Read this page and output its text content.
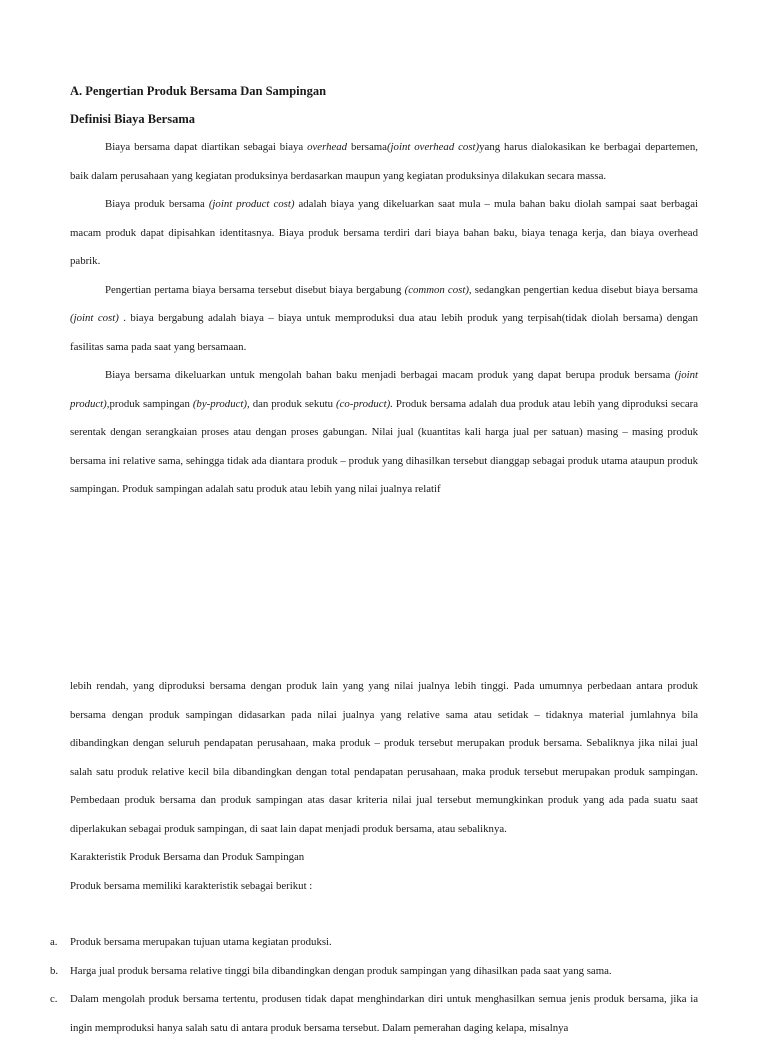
A. Pengertian Produk Bersama Dan Sampingan
Definisi Biaya Bersama

Biaya bersama dapat diartikan sebagai biaya overhead bersama(joint overhead cost)yang harus dialokasikan ke berbagai departemen, baik dalam perusahaan yang kegiatan produksinya berdasarkan maupun yang kegiatan produksinya dilakukan secara massa.

Biaya produk bersama (joint product cost) adalah biaya yang dikeluarkan saat mula – mula bahan baku diolah sampai saat berbagai macam produk dapat dipisahkan identitasnya. Biaya produk bersama terdiri dari biaya bahan baku, biaya tenaga kerja, dan biaya overhead pabrik.

Pengertian pertama biaya bersama tersebut disebut biaya bergabung (common cost), sedangkan pengertian kedua disebut biaya bersama (joint cost) . biaya bergabung adalah biaya – biaya untuk memproduksi dua atau lebih produk yang terpisah(tidak diolah bersama) dengan fasilitas sama pada saat yang bersamaan.

Biaya bersama dikeluarkan untuk mengolah bahan baku menjadi berbagai macam produk yang dapat berupa produk bersama (joint product),produk sampingan (by-product), dan produk sekutu (co-product). Produk bersama adalah dua produk atau lebih yang diproduksi secara serentak dengan serangkaian proses atau dengan proses gabungan. Nilai jual (kuantitas kali harga jual per satuan) masing – masing produk bersama ini relative sama, sehingga tidak ada diantara produk – produk yang dihasilkan tersebut dianggap sebagai produk utama ataupun produk sampingan. Produk sampingan adalah satu produk atau lebih yang nilai jualnya relatif

lebih rendah, yang diproduksi bersama dengan produk lain yang yang nilai jualnya lebih tinggi. Pada umumnya perbedaan antara produk bersama dengan produk sampingan didasarkan pada nilai jualnya yang relative sama atau setidak – tidaknya material jumlahnya bila dibandingkan dengan seluruh pendapatan perusahaan, maka produk – produk tersebut merupakan produk bersama. Sebaliknya jika nilai jual salah satu produk relative kecil bila dibandingkan dengan total pendapatan perusahaan, maka produk tersebut merupakan produk sampingan. Pembedaan produk bersama dan produk sampingan atas dasar kriteria nilai jual tersebut memungkinkan produk yang ada pada suatu saat diperlakukan sebagai produk sampingan, di saat lain dapat menjadi produk bersama, atau sebaliknya.

Karakteristik Produk Bersama dan Produk Sampingan

Produk bersama memiliki karakteristik sebagai berikut :

a. Produk bersama merupakan tujuan utama kegiatan produksi.
b. Harga jual produk bersama relative tinggi bila dibandingkan dengan produk sampingan yang dihasilkan pada saat yang sama.
c. Dalam mengolah produk bersama tertentu, produsen tidak dapat menghindarkan diri untuk menghasilkan semua jenis produk bersama, jika ia ingin memproduksi hanya salah satu di antara produk bersama tersebut. Dalam pemerahan daging kelapa, misalnya
